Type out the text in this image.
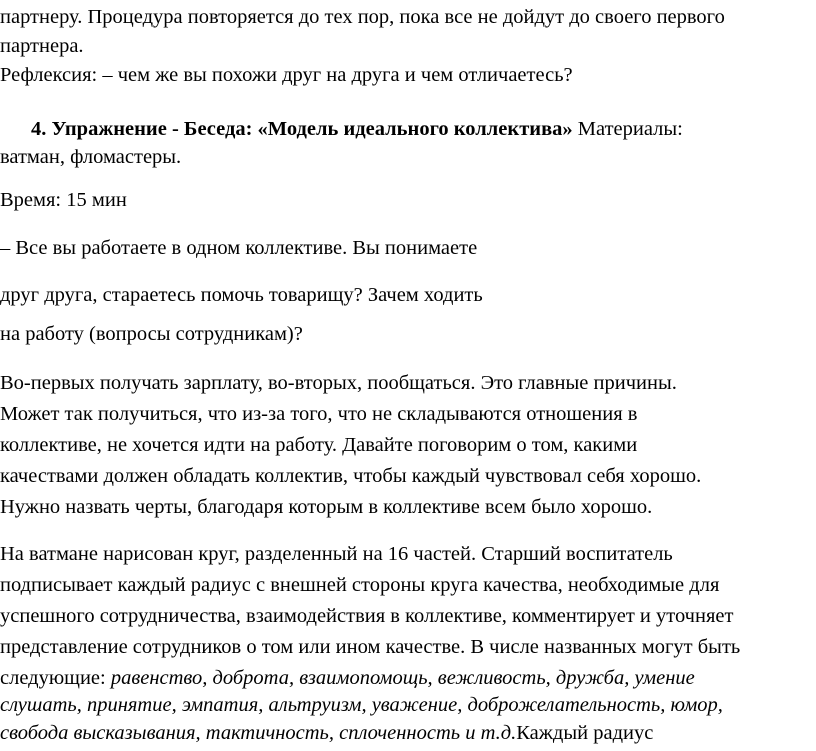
партнеру. Процедура повторяется до тех пор, пока все не дойдут до своего первого
партнера.
Рефлексия: – чем же вы похожи друг на друга и чем отличаетесь?
4. Упражнение - Беседа: «Модель идеального коллектива» Материалы:
ватман, фломастеры.
Время: 15 мин
– Все вы работаете в одном коллективе. Вы понимаете
друг друга, стараетесь помочь товарищу? Зачем ходить
на работу (вопросы сотрудникам)?
Во-первых получать зарплату, во-вторых, пообщаться. Это главные причины.
Может так получиться, что из-за того, что не складываются отношения в
коллективе, не хочется идти на работу. Давайте поговорим о том, какими
качествами должен обладать коллектив, чтобы каждый чувствовал себя хорошо.
Нужно назвать черты, благодаря которым в коллективе всем было хорошо.
На ватмане нарисован круг, разделенный на 16 частей. Старший воспитатель
подписывает каждый радиус с внешней стороны круга качества, необходимые для
успешного сотрудничества, взаимодействия в коллективе, комментирует и уточняет
представление сотрудников о том или ином качестве. В числе названных могут быть
следующие: равенство, доброта, взаимопомощь, вежливость, дружба, умение
слушать, принятие, эмпатия, альтруизм, уважение, доброжелательность, юмор,
свобода высказывания, тактичность, сплоченность и т.д.Каждый радиус
